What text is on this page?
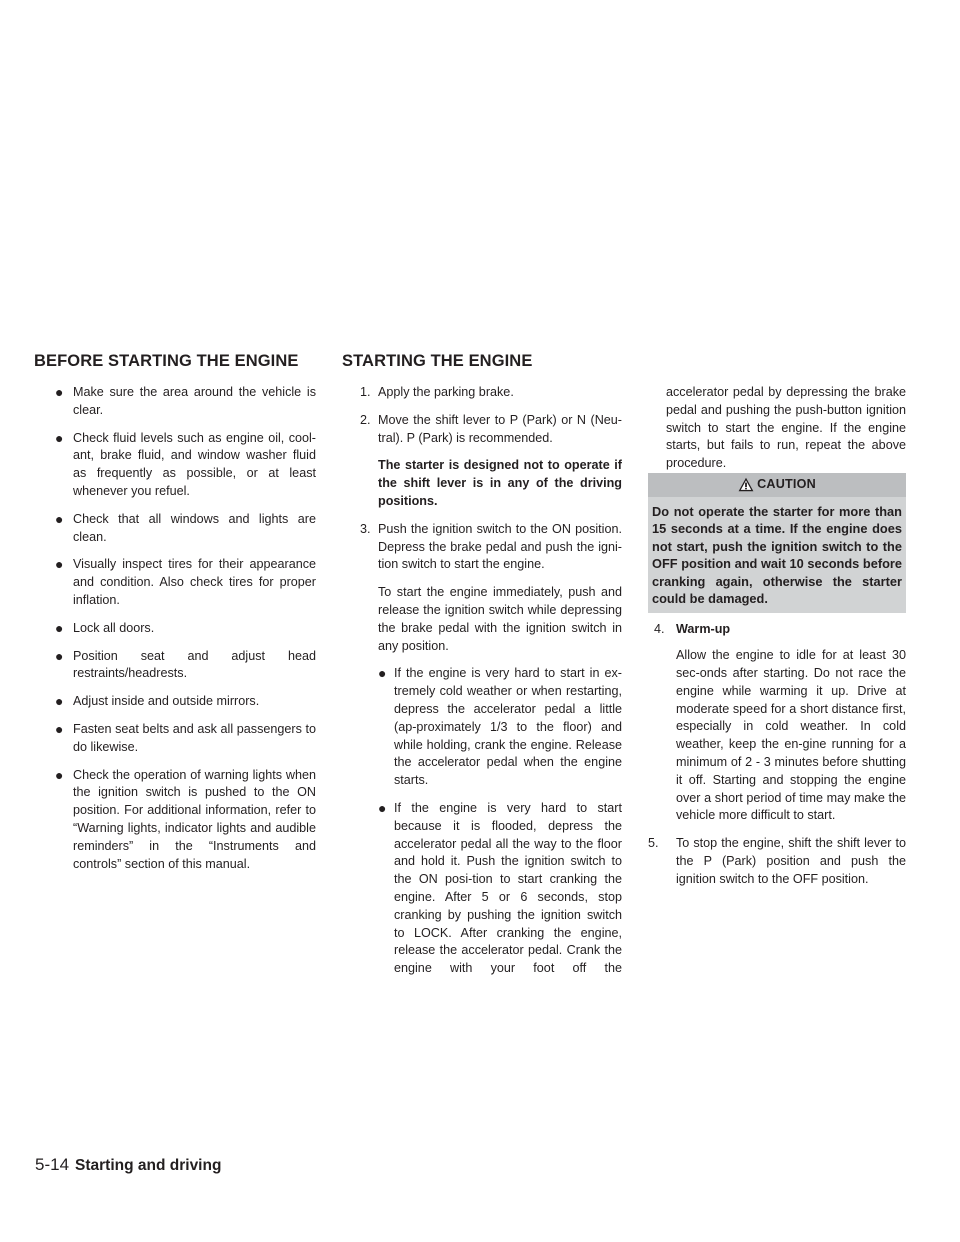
BEFORE STARTING THE ENGINE	STARTING THE ENGINE
● Make sure the area around the vehicle is clear.
● Check fluid levels such as engine oil, cool-ant, brake fluid, and window washer fluid as frequently as possible, or at least whenever you refuel.
● Check that all windows and lights are clean.
● Visually inspect tires for their appearance and condition. Also check tires for proper inflation.
● Lock all doors.
● Position seat and adjust head restraints/headrests.
● Adjust inside and outside mirrors.
● Fasten seat belts and ask all passengers to do likewise.
● Check the operation of warning lights when the ignition switch is pushed to the ON position. For additional information, refer to “Warning lights, indicator lights and audible reminders” in the “Instruments and controls” section of this manual.
1. Apply the parking brake.
2. Move the shift lever to P (Park) or N (Neu-tral). P (Park) is recommended.
The starter is designed not to operate if the shift lever is in any of the driving positions.
3. Push the ignition switch to the ON position. Depress the brake pedal and push the igni-tion switch to start the engine.
To start the engine immediately, push and release the ignition switch while depressing the brake pedal with the ignition switch in any position.
● If the engine is very hard to start in ex-tremely cold weather or when restarting, depress the accelerator pedal a little (ap-proximately 1/3 to the floor) and while holding, crank the engine. Release the accelerator pedal when the engine starts.
● If the engine is very hard to start because it is flooded, depress the accelerator pedal all the way to the floor and hold it. Push the ignition switch to the ON posi-tion to start cranking the engine. After 5 or 6 seconds, stop cranking by pushing the ignition switch to LOCK. After cranking the engine, release the accelerator pedal. Crank the engine with your foot off the

accelerator pedal by depressing the brake pedal and pushing the push-button ignition switch to start the engine. If the engine starts, but fails to run, repeat the above procedure.

CAUTION
Do not operate the starter for more than 15 seconds at a time. If the engine does not start, push the ignition switch to the OFF position and wait 10 seconds before cranking again, otherwise the starter could be damaged.
4. Warm-up
Allow the engine to idle for at least 30 sec-onds after starting. Do not race the engine while warming it up. Drive at moderate speed for a short distance first, especially in cold weather. In cold weather, keep the en-gine running for a minimum of 2 - 3 minutes before shutting it off. Starting and stopping the engine over a short period of time may make the vehicle more difficult to start.
5.	To stop the engine, shift the shift lever to the P (Park) position and push the ignition switch to the OFF position.
5-14 Starting and driving
